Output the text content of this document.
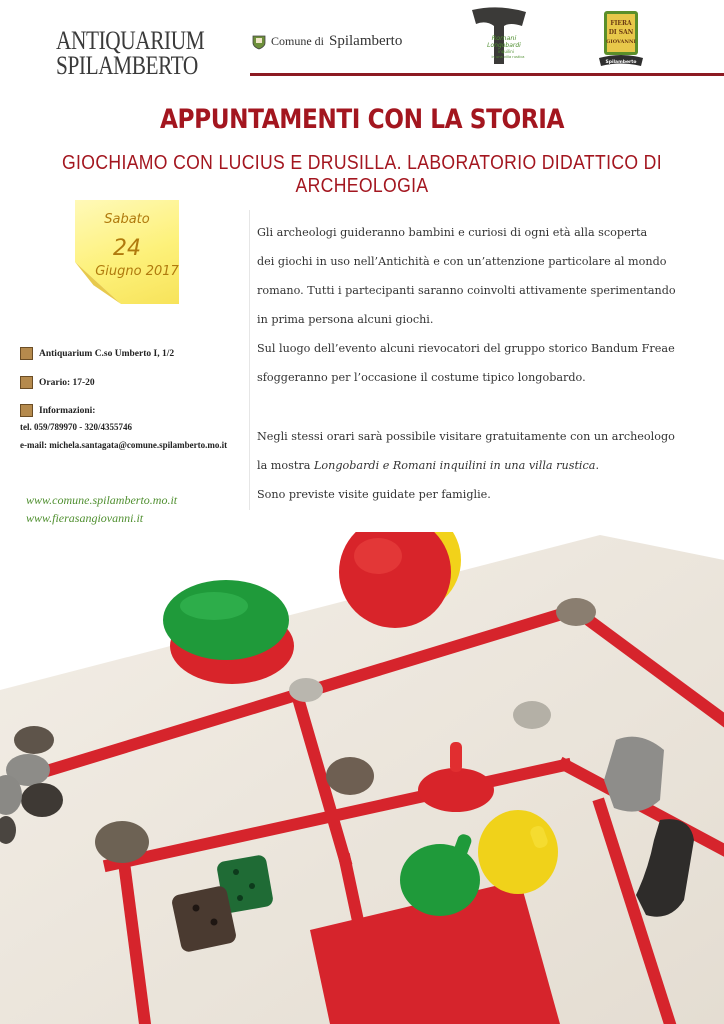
ANTIQUARIUM
SPILAMBERTO
Comune di Spilamberto	Romani
Longobardi
inquilini
in una villa rustica
FIERA
DI SAN
GIOVANNI
Spilamberto
APPUNTAMENTI CON LA STORIA
GIOCHIAMO CON LUCIUS E DRUSILLA. LABORATORIO DIDATTICO DI ARCHEOLOGIA
Sabato
24
Giugno 2017
Antiquarium C.so Umberto I, 1/2
Orario: 17-20
Informazioni:
tel. 059/789970 - 320/4355746
e-mail: michela.santagata@comune.spilamberto.mo.it
www.comune.spilamberto.mo.it
www.fierasangiovanni.it
Gli archeologi guideranno bambini e curiosi di ogni età alla scoperta
dei giochi in uso nell’Antichità e con un’attenzione particolare al mondo
romano. Tutti i partecipanti saranno coinvolti attivamente sperimentando
in prima persona alcuni giochi.
Sul luogo dell’evento alcuni rievocatori del gruppo storico Bandum Freae
sfoggeranno per l’occasione il costume tipico longobardo.
Negli stessi orari sarà possibile visitare gratuitamente con un archeologo
la mostra Longobardi e Romani inquilini in una villa rustica.
Sono previste visite guidate per famiglie.
